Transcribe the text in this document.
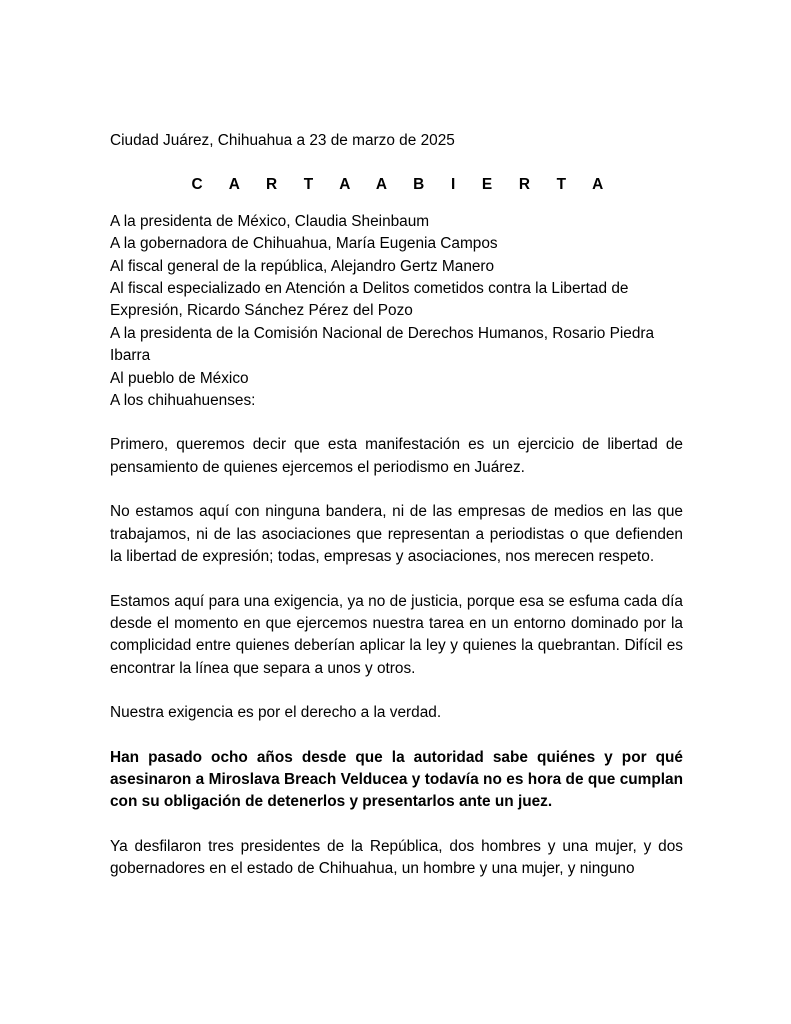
Ciudad Juárez, Chihuahua a 23 de marzo de 2025

C A R T A A B I E R T A

A la presidenta de México, Claudia Sheinbaum
A la gobernadora de Chihuahua, María Eugenia Campos
Al fiscal general de la república, Alejandro Gertz Manero
Al fiscal especializado en Atención a Delitos cometidos contra la Libertad de Expresión, Ricardo Sánchez Pérez del Pozo
A la presidenta de la Comisión Nacional de Derechos Humanos, Rosario Piedra Ibarra
Al pueblo de México
A los chihuahuenses:

Primero, queremos decir que esta manifestación es un ejercicio de libertad de pensamiento de quienes ejercemos el periodismo en Juárez.

No estamos aquí con ninguna bandera, ni de las empresas de medios en las que trabajamos, ni de las asociaciones que representan a periodistas o que defienden la libertad de expresión; todas, empresas y asociaciones, nos merecen respeto.

Estamos aquí para una exigencia, ya no de justicia, porque esa se esfuma cada día desde el momento en que ejercemos nuestra tarea en un entorno dominado por la complicidad entre quienes deberían aplicar la ley y quienes la quebrantan. Difícil es encontrar la línea que separa a unos y otros.

Nuestra exigencia es por el derecho a la verdad.

Han pasado ocho años desde que la autoridad sabe quiénes y por qué asesinaron a Miroslava Breach Velducea y todavía no es hora de que cumplan con su obligación de detenerlos y presentarlos ante un juez.

Ya desfilaron tres presidentes de la República, dos hombres y una mujer, y dos gobernadores en el estado de Chihuahua, un hombre y una mujer, y ninguno
